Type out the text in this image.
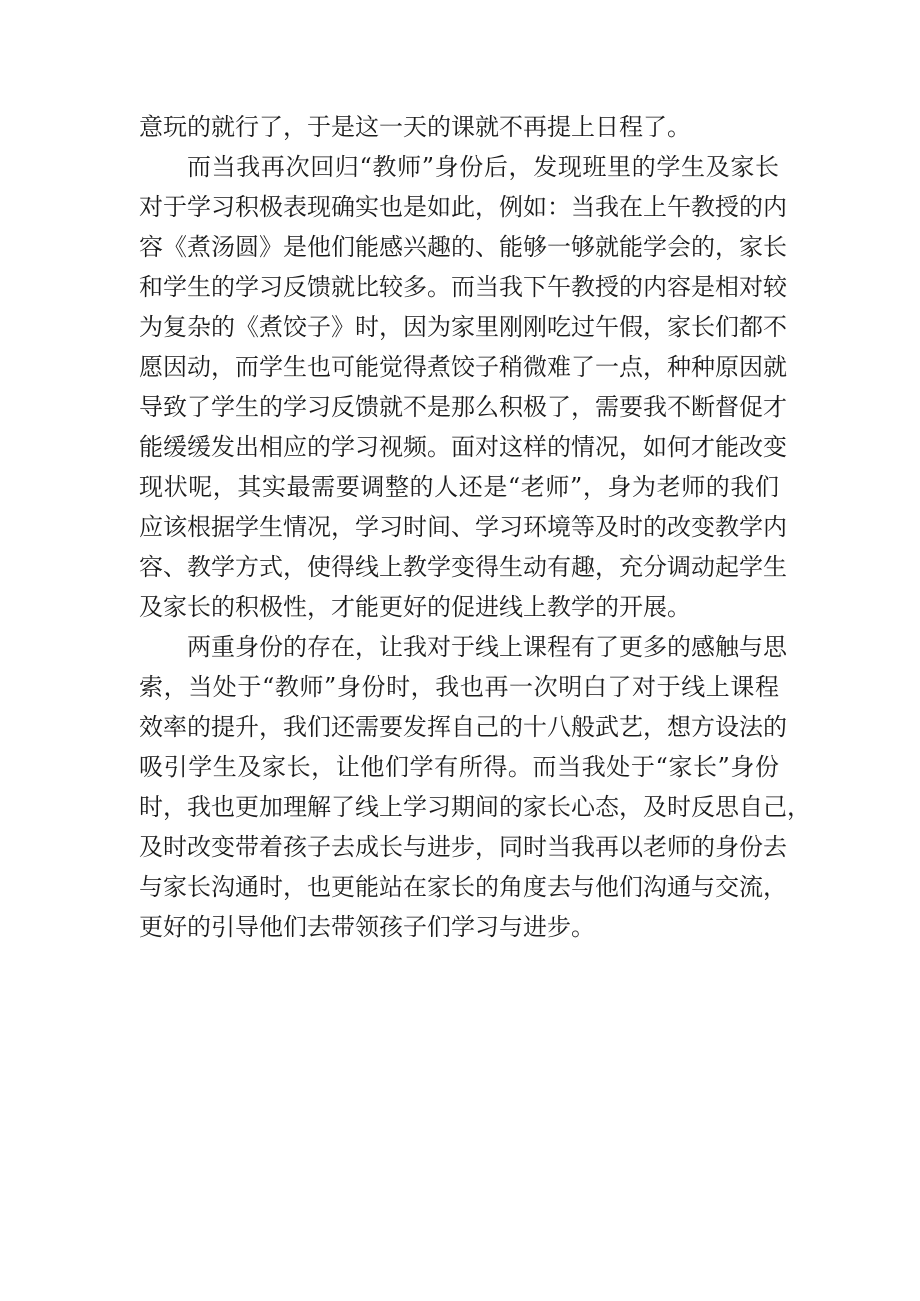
意玩的就行了，于是这一天的课就不再提上日程了。
而当我再次回归“教师”身份后，发现班里的学生及家长
对于学习积极表现确实也是如此，例如：当我在上午教授的内
容《煮汤圆》是他们能感兴趣的、能够一够就能学会的，家长
和学生的学习反馈就比较多。而当我下午教授的内容是相对较
为复杂的《煮饺子》时，因为家里刚刚吃过午假，家长们都不
愿因动，而学生也可能觉得煮饺子稍微难了一点，种种原因就
导致了学生的学习反馈就不是那么积极了，需要我不断督促才
能缓缓发出相应的学习视频。面对这样的情况，如何才能改变
现状呢，其实最需要调整的人还是“老师”，身为老师的我们
应该根据学生情况，学习时间、学习环境等及时的改变教学内
容、教学方式，使得线上教学变得生动有趣，充分调动起学生
及家长的积极性，才能更好的促进线上教学的开展。
两重身份的存在，让我对于线上课程有了更多的感触与思
索，当处于“教师”身份时，我也再一次明白了对于线上课程
效率的提升，我们还需要发挥自己的十八般武艺，想方设法的
吸引学生及家长，让他们学有所得。而当我处于“家长”身份
时，我也更加理解了线上学习期间的家长心态，及时反思自己，
及时改变带着孩子去成长与进步，同时当我再以老师的身份去
与家长沟通时，也更能站在家长的角度去与他们沟通与交流，
更好的引导他们去带领孩子们学习与进步。
